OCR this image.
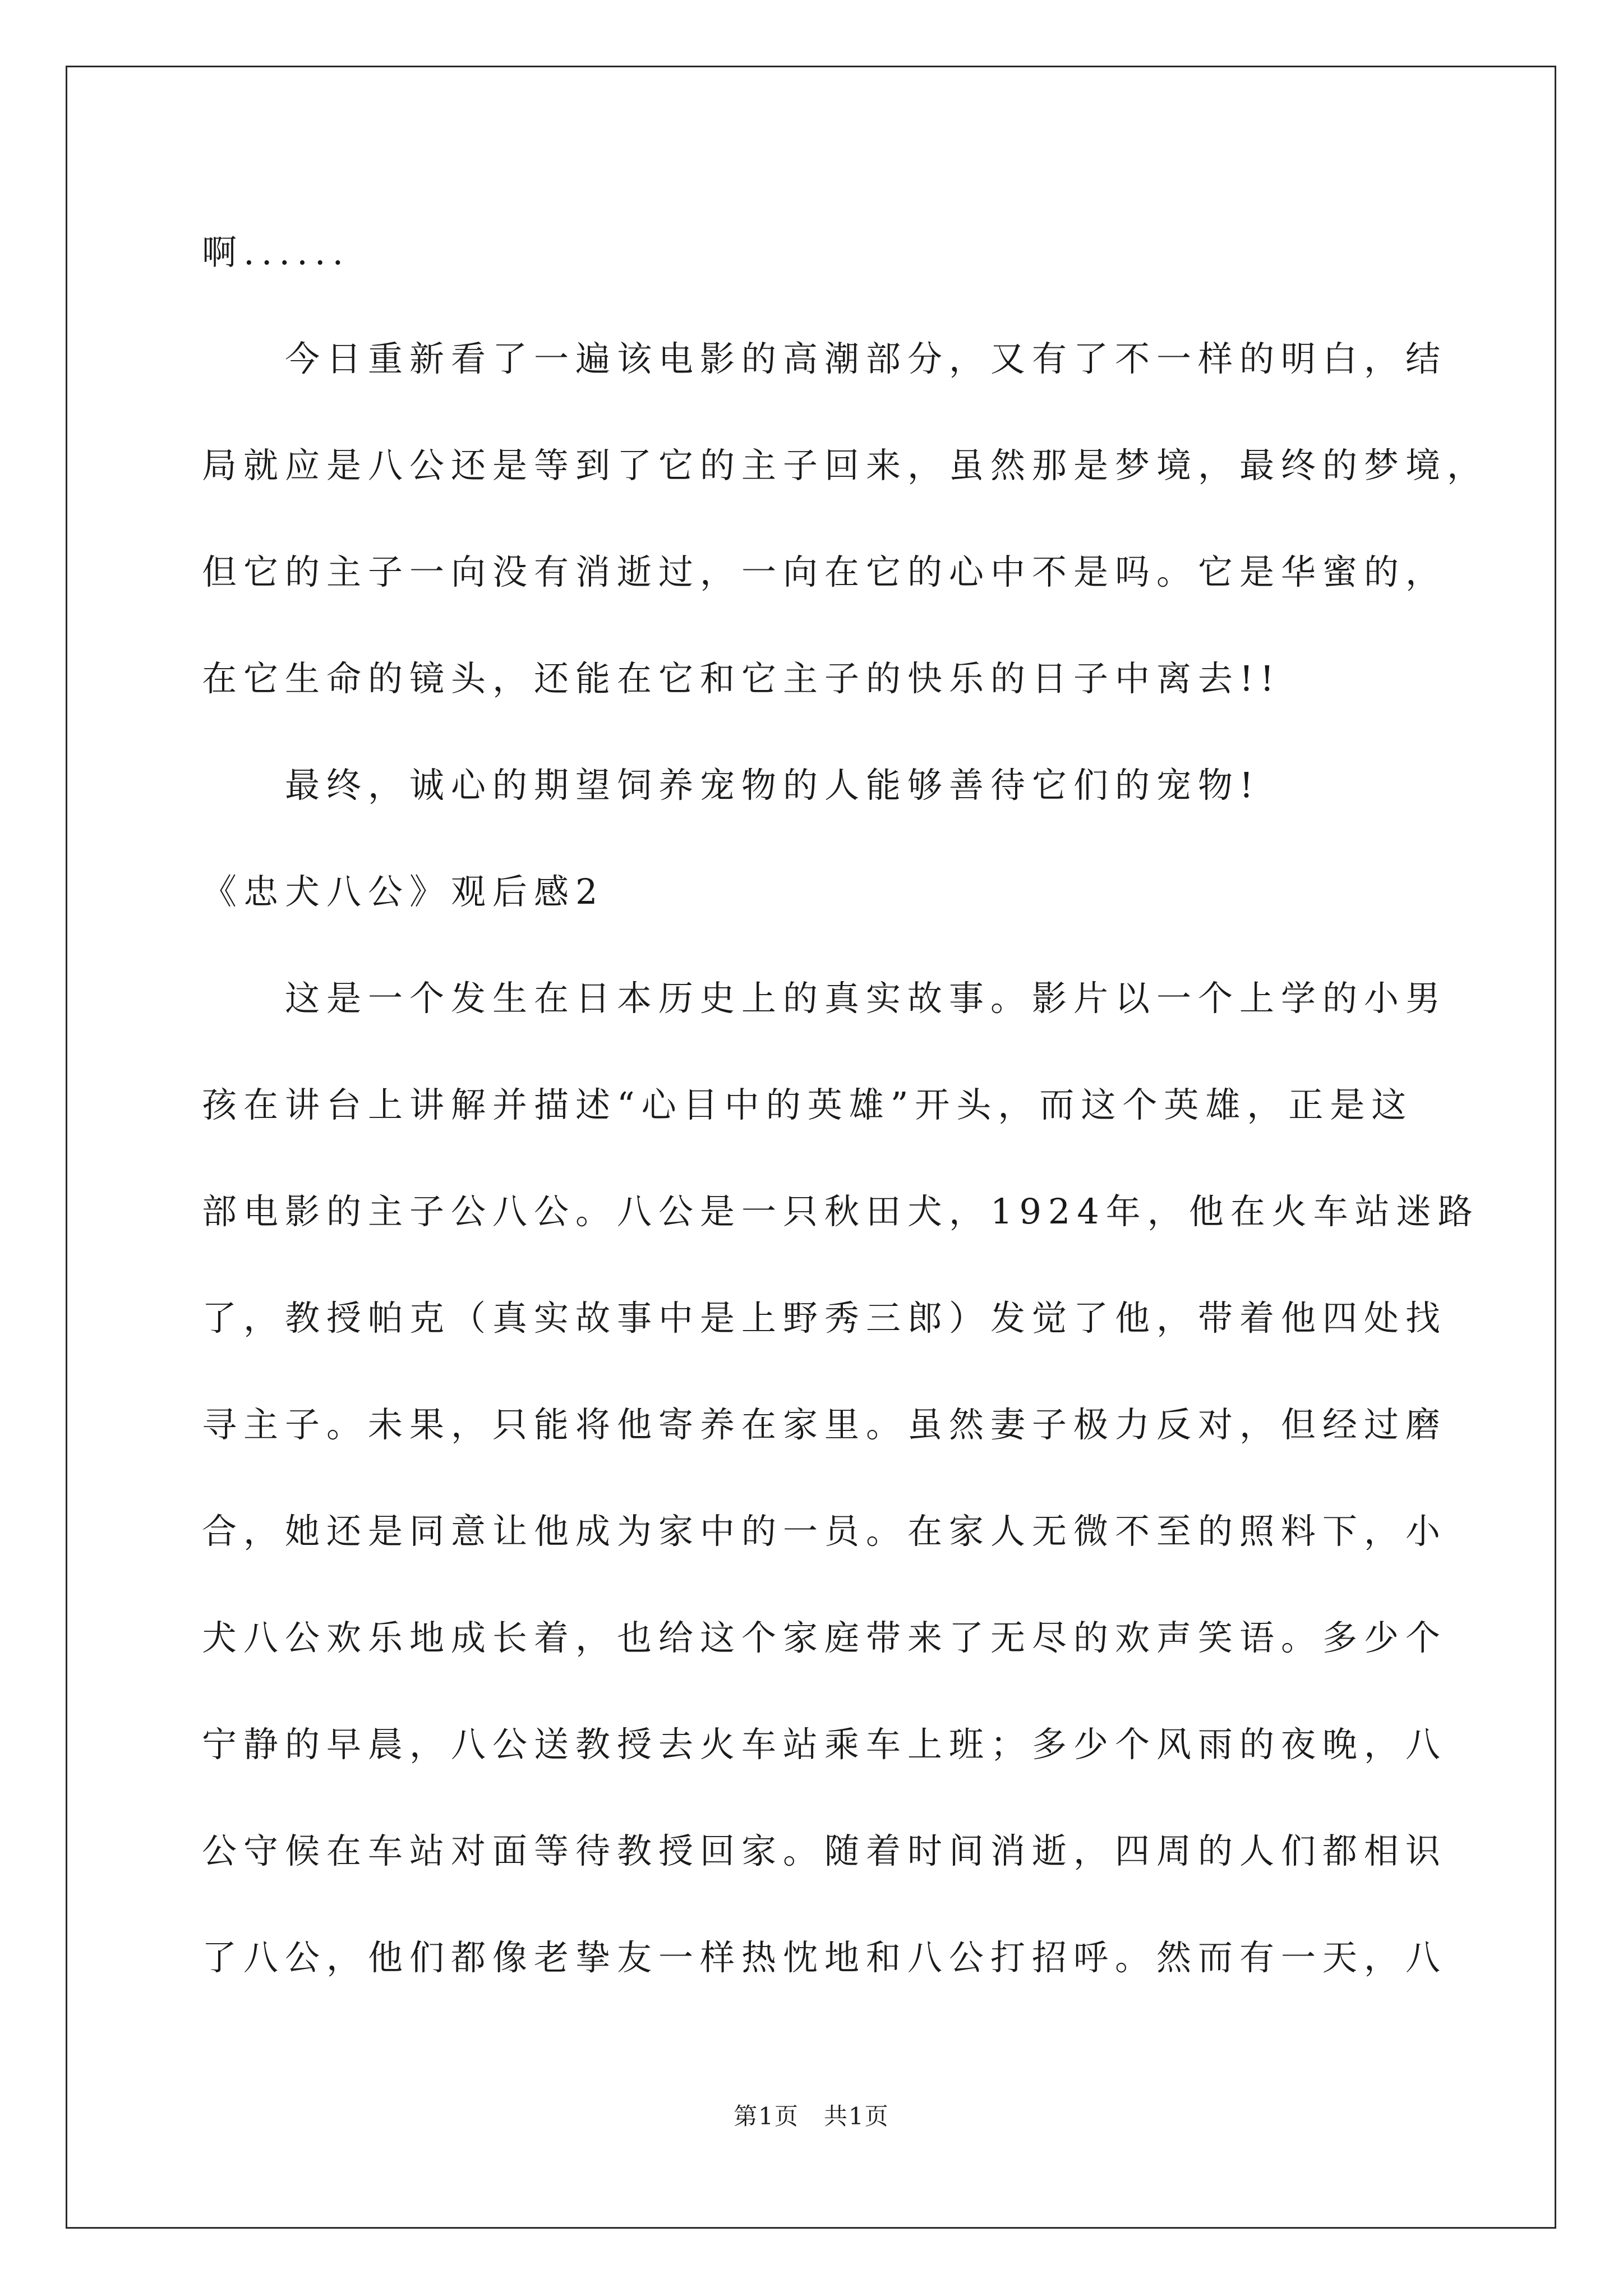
啊......
今日重新看了一遍该电影的高潮部分，又有了不一样的明白，结
局就应是八公还是等到了它的主子回来，虽然那是梦境，最终的梦境，
但它的主子一向没有消逝过，一向在它的心中不是吗。它是华蜜的，
在它生命的镜头，还能在它和它主子的快乐的日子中离去!!
最终，诚心的期望饲养宠物的人能够善待它们的宠物!
《忠犬八公》观后感2
这是一个发生在日本历史上的真实故事。影片以一个上学的小男
孩在讲台上讲解并描述“心目中的英雄”开头，而这个英雄，正是这
部电影的主子公八公。八公是一只秋田犬，1924年，他在火车站迷路
了，教授帕克（真实故事中是上野秀三郎）发觉了他，带着他四处找
寻主子。未果，只能将他寄养在家里。虽然妻子极力反对，但经过磨
合，她还是同意让他成为家中的一员。在家人无微不至的照料下，小
犬八公欢乐地成长着，也给这个家庭带来了无尽的欢声笑语。多少个
宁静的早晨，八公送教授去火车站乘车上班；多少个风雨的夜晚，八
公守候在车站对面等待教授回家。随着时间消逝，四周的人们都相识
了八公，他们都像老挚友一样热忱地和八公打招呼。然而有一天，八
第1页　共1页
